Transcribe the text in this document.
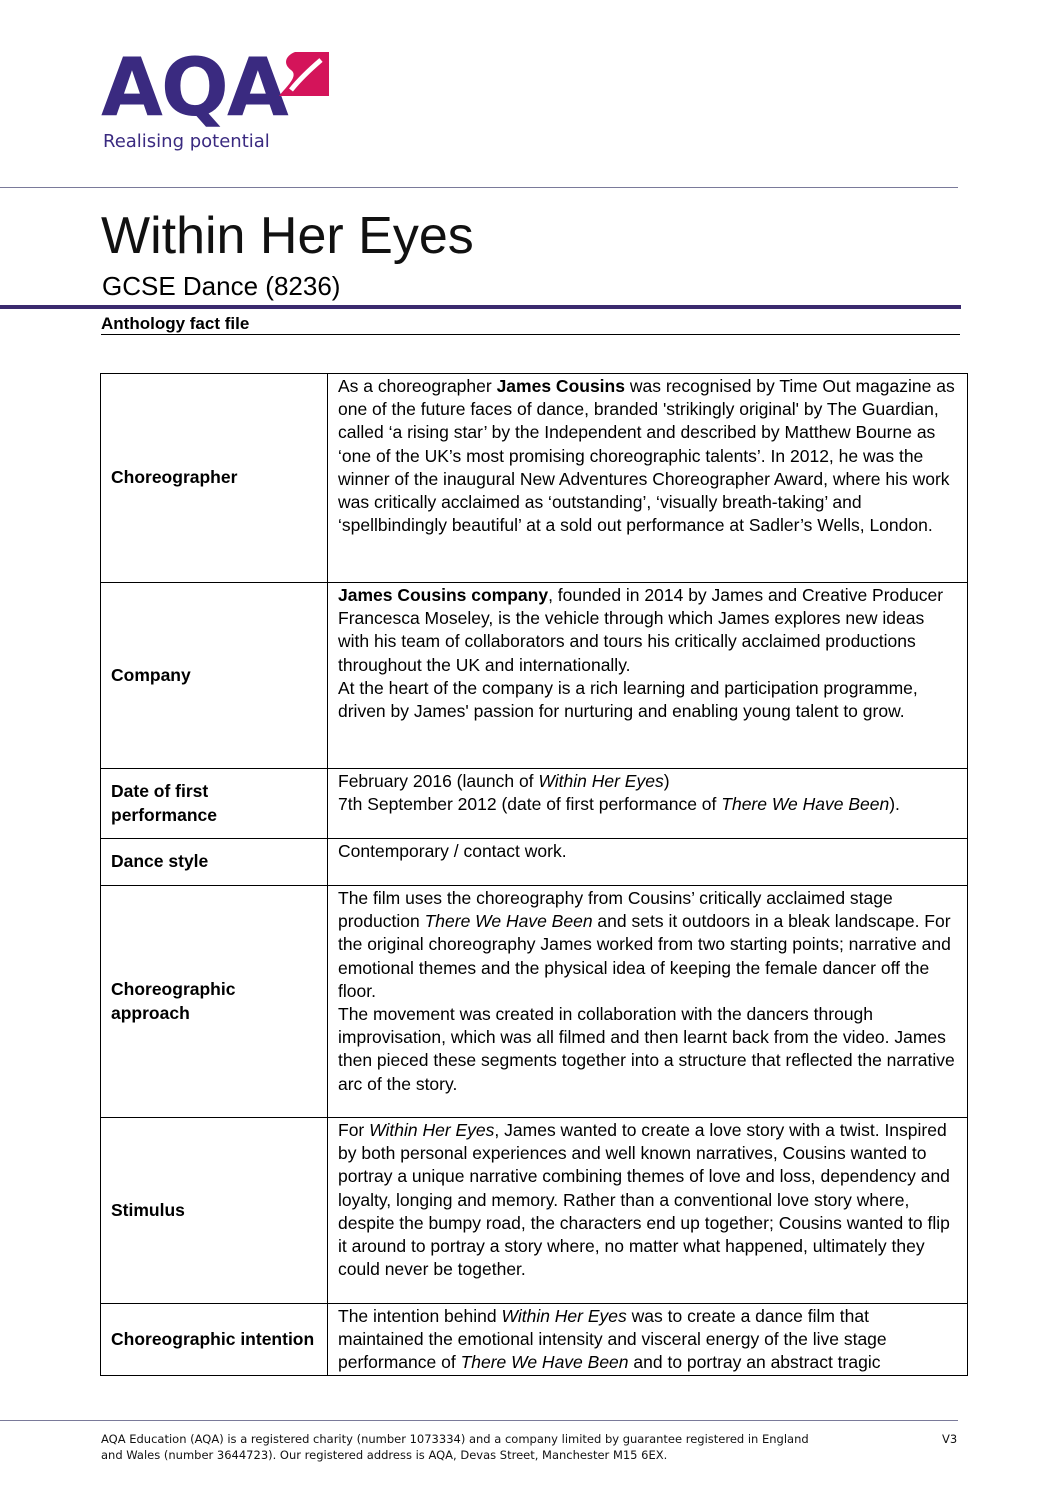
AQA
Realising potential
Within Her Eyes
GCSE Dance (8236)
Anthology fact file
Choreographer	As a choreographer James Cousins was recognised by Time Out magazine as one of the future faces of dance, branded 'strikingly original' by The Guardian, called ‘a rising star’ by the Independent and described by Matthew Bourne as ‘one of the UK’s most promising choreographic talents’. In 2012, he was the winner of the inaugural New Adventures Choreographer Award, where his work was critically acclaimed as ‘outstanding’, ‘visually breath-taking’ and ‘spellbindingly beautiful’ at a sold out performance at Sadler’s Wells, London.
Company	James Cousins company, founded in 2014 by James and Creative Producer Francesca Moseley, is the vehicle through which James explores new ideas with his team of collaborators and tours his critically acclaimed productions throughout the UK and internationally.

At the heart of the company is a rich learning and participation programme, driven by James' passion for nurturing and enabling young talent to grow.

Date of first performance	February 2016 (launch of Within Her Eyes)

7th September 2012 (date of first performance of There We Have Been).

Dance style	Contemporary / contact work.
Choreographic approach	The film uses the choreography from Cousins’ critically acclaimed stage production There We Have Been and sets it outdoors in a bleak landscape. For the original choreography James worked from two starting points; narrative and emotional themes and the physical idea of keeping the female dancer off the floor.

The movement was created in collaboration with the dancers through improvisation, which was all filmed and then learnt back from the video. James then pieced these segments together into a structure that reflected the narrative arc of the story.

Stimulus	For Within Her Eyes, James wanted to create a love story with a twist. Inspired by both personal experiences and well known narratives, Cousins wanted to portray a unique narrative combining themes of love and loss, dependency and loyalty, longing and memory. Rather than a conventional love story where, despite the bumpy road, the characters end up together; Cousins wanted to flip it around to portray a story where, no matter what happened, ultimately they could never be together.
Choreographic intention	The intention behind Within Her Eyes was to create a dance film that maintained the emotional intensity and visceral energy of the live stage performance of There We Have Been and to portray an abstract tragic
AQA Education (AQA) is a registered charity (number 1073334) and a company limited by guarantee registered in England and Wales (number 3644723). Our registered address is AQA, Devas Street, Manchester M15 6EX.
V3
